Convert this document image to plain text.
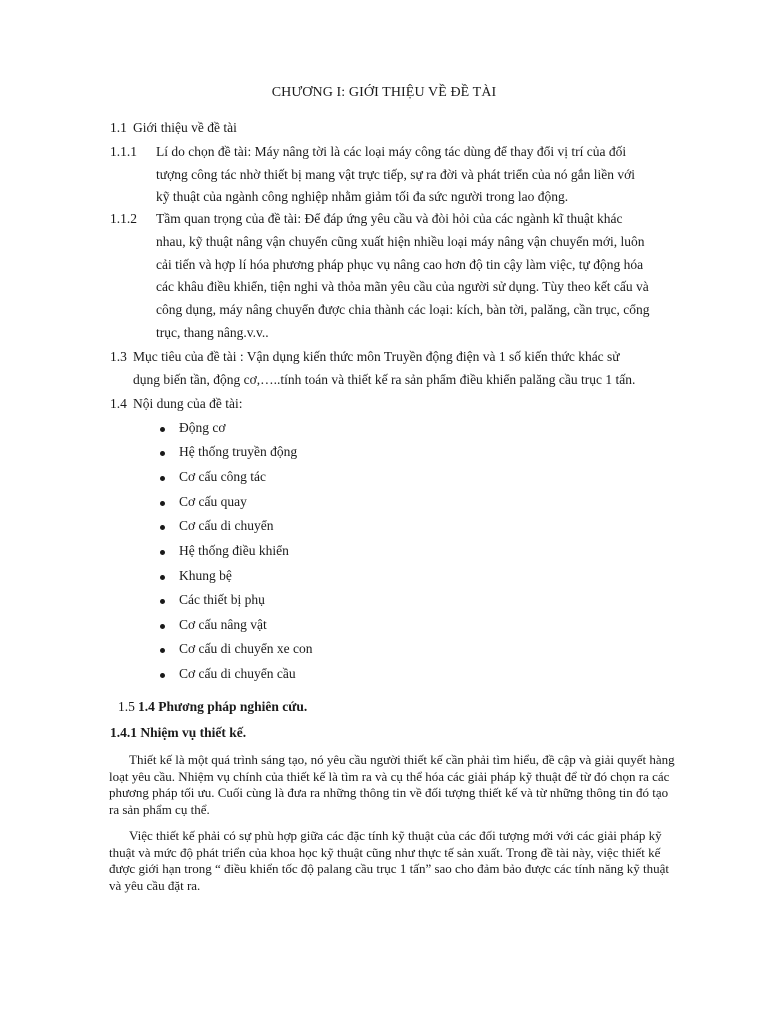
CHƯƠNG I: GIỚI THIỆU VỀ ĐỀ TÀI
1.1 Giới thiệu về đề tài
1.1.1 Lí do chọn đề tài: Máy nâng tời là các loại máy công tác dùng để thay đổi vị trí của đối
tượng công tác nhờ thiết bị mang vật trực tiếp, sự ra đời và phát triển của nó gắn liền với
kỹ thuật của ngành công nghiệp nhằm giảm tối đa sức người trong lao động.
1.1.2 Tầm quan trọng của đề tài: Để đáp ứng yêu cầu và đòi hỏi của các ngành kĩ thuật khác
nhau, kỹ thuật nâng vận chuyển cũng xuất hiện nhiều loại máy nâng vận chuyển mới, luôn
cải tiến và hợp lí hóa phương pháp phục vụ nâng cao hơn độ tin cậy làm việc, tự động hóa
các khâu điều khiển, tiện nghi và thỏa mãn yêu cầu của người sử dụng. Tùy theo kết cấu và
công dụng, máy nâng chuyển được chia thành các loại: kích, bàn tời, palăng, cần trục, cổng
trục, thang nâng.v.v..
1.3 Mục tiêu của đề tài : Vận dụng kiến thức môn Truyền động điện và 1 số kiến thức khác sử
dụng biến tần, động cơ,…..tính toán và thiết kế ra sản phẩm điều khiển palăng cầu trục 1 tấn.
1.4 Nội dung của đề tài:
Động cơ
Hệ thống truyền động
Cơ cấu công tác
Cơ cấu quay
Cơ cấu di chuyển
Hệ thống điều khiển
Khung bệ
Các thiết bị phụ
Cơ cấu nâng vật
Cơ cấu di chuyển xe con
Cơ cấu di chuyển cầu
1.5 1.4 Phương pháp nghiên cứu.
1.4.1 Nhiệm vụ thiết kế.
Thiết kế là một quá trình sáng tạo, nó yêu cầu người thiết kế cần phải tìm hiểu, đề cập và giải quyết hàng loạt yêu cầu. Nhiệm vụ chính của thiết kế là tìm ra và cụ thể hóa các giải pháp kỹ thuật để từ đó chọn ra các phương pháp tối ưu. Cuối cùng là đưa ra những thông tin về đối tượng thiết kế và từ những thông tin đó tạo ra sản phẩm cụ thể.
Việc thiết kế phải có sự phù hợp giữa các đặc tính kỹ thuật của các đối tượng mới với các giải pháp kỹ thuật và mức độ phát triển của khoa học kỹ thuật cũng như thực tế sản xuất. Trong đề tài này, việc thiết kế được giới hạn trong “ điều khiển tốc độ palang cầu trục 1 tấn” sao cho đảm bảo được các tính năng kỹ thuật và yêu cầu đặt ra.
